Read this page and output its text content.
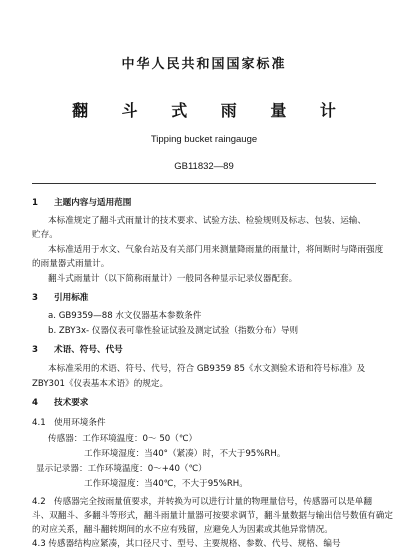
中华人民共和国国家标准
翻 斗 式 雨 量 计
Tipping bucket raingauge
GB11832—89
1 主题内容与适用范围
本标准规定了翻斗式雨量计的技术要求、试验方法、检验规则及标志、包装、运输、
贮存。
本标准适用于水文、气象台站及有关部门用来测量降雨量的雨量计，将间断时与降雨强度
的雨量器式雨量计。
翻斗式雨量计（以下简称雨量计）一般同各种显示记录仪器配套。
3 引用标准
a. GB9359—88 水文仪器基本参数条件
b. ZBY3x- 仪器仪表可靠性验证试验及测定试验（指数分布）导则
3 术语、符号、代号
本标准采用的术语、符号、代号，符合 GB9359 85《水文测验术语和符号标准》及
ZBY301《仪表基本术语》的规定。
4 技术要求
4.1 使用环境条件
传感器：工作环境温度：0～ 50（℃）
工作环境湿度：当40°（紧凑）时，不大于95%RH。
显示记录器：工作环境温度：0～+40（℃）
工作环境湿度：当40℃，不大于95%RH。
4.2 传感器完全按雨量值要求，并转换为可以进行计量的物理量信号，传感器可以是单翻
斗、双翻斗、多翻斗等形式，翻斗雨量计量器可按要求调节，翻斗量数据与输出信号数值有确定
的对应关系，翻斗翻转期间的水不应有残留，应避免人为因素或其他异常情况。
4.3 传感器结构应紧凑，其口径尺寸、型号、主要规格、参数、代号、规格、编号
